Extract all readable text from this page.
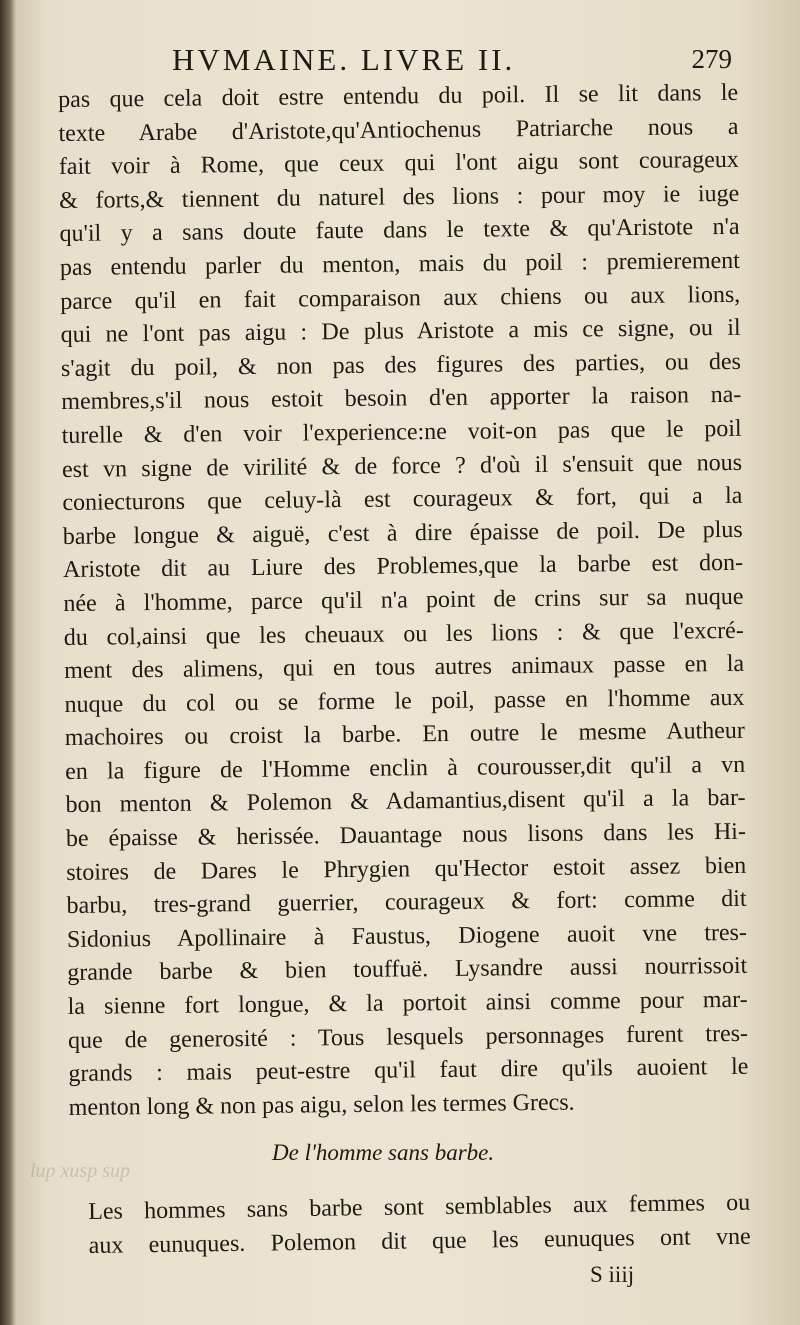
lup xusp sup
HVMAINE. LIVRE II.	279
pas que cela doit estre entendu du poil. Il se lit dans le
texte Arabe d'Aristote,qu'Antiochenus Patriarche nous a
fait voir à Rome, que ceux qui l'ont aigu sont courageux
& forts,& tiennent du naturel des lions : pour moy ie iuge
qu'il y a sans doute faute dans le texte & qu'Aristote n'a
pas entendu parler du menton, mais du poil : premierement
parce qu'il en fait comparaison aux chiens ou aux lions,
qui ne l'ont pas aigu : De plus Aristote a mis ce signe, ou il
s'agit du poil, & non pas des figures des parties, ou des
membres,s'il nous estoit besoin d'en apporter la raison na-
turelle & d'en voir l'experience:ne voit-on pas que le poil
est vn signe de virilité & de force ? d'où il s'ensuit que nous
coniecturons que celuy-là est courageux & fort, qui a la
barbe longue & aiguë, c'est à dire épaisse de poil. De plus
Aristote dit au Liure des Problemes,que la barbe est don-
née à l'homme, parce qu'il n'a point de crins sur sa nuque
du col,ainsi que les cheuaux ou les lions : & que l'excré-
ment des alimens, qui en tous autres animaux passe en la
nuque du col ou se forme le poil, passe en l'homme aux
machoires ou croist la barbe. En outre le mesme Autheur
en la figure de l'Homme enclin à courousser,dit qu'il a vn
bon menton & Polemon & Adamantius,disent qu'il a la bar-
be épaisse & herissée. Dauantage nous lisons dans les Hi-
stoires de Dares le Phrygien qu'Hector estoit assez bien
barbu, tres-grand guerrier, courageux & fort: comme dit
Sidonius Apollinaire à Faustus, Diogene auoit vne tres-
grande barbe & bien touffuë. Lysandre aussi nourrissoit
la sienne fort longue, & la portoit ainsi comme pour mar-
que de generosité : Tous lesquels personnages furent tres-
grands : mais peut-estre qu'il faut dire qu'ils auoient le
menton long & non pas aigu, selon les termes Grecs.
De l'homme sans barbe.
Les hommes sans barbe sont semblables aux femmes ou
aux eunuques. Polemon dit que les eunuques ont vne
S iiij
